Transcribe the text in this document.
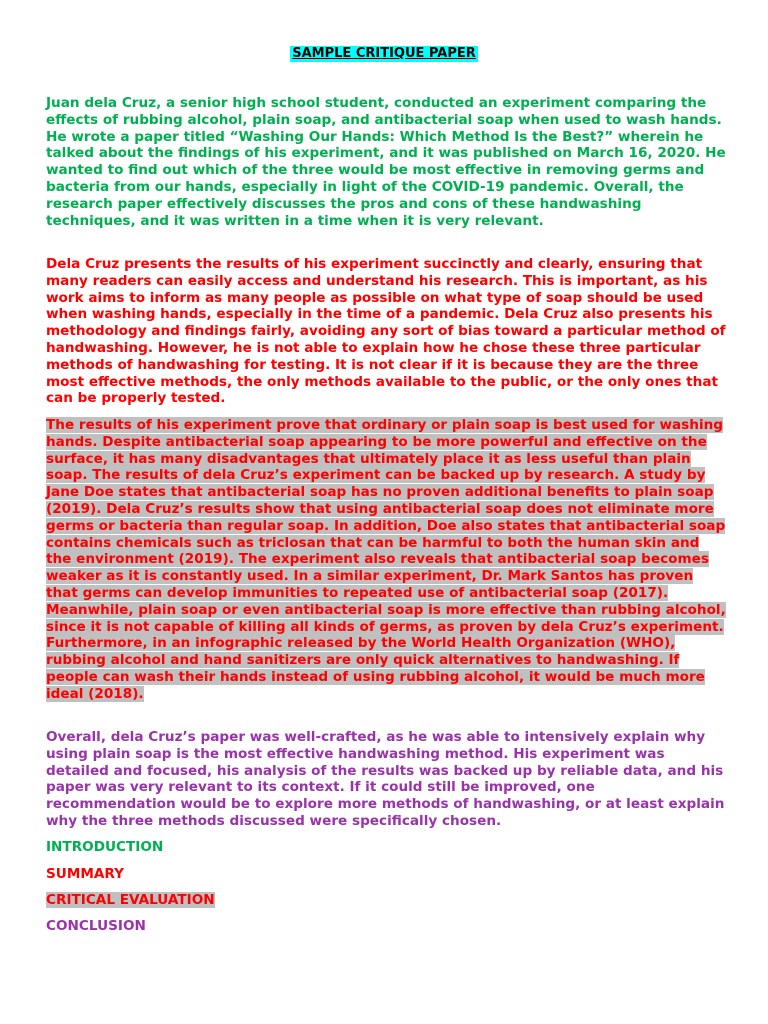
SAMPLE CRITIQUE PAPER

Juan dela Cruz, a senior high school student, conducted an experiment comparing the effects of rubbing alcohol, plain soap, and antibacterial soap when used to wash hands. He wrote a paper titled “Washing Our Hands: Which Method Is the Best?” wherein he talked about the findings of his experiment, and it was published on March 16, 2020. He wanted to find out which of the three would be most effective in removing germs and bacteria from our hands, especially in light of the COVID-19 pandemic. Overall, the research paper effectively discusses the pros and cons of these handwashing techniques, and it was written in a time when it is very relevant.

Dela Cruz presents the results of his experiment succinctly and clearly, ensuring that many readers can easily access and understand his research. This is important, as his work aims to inform as many people as possible on what type of soap should be used when washing hands, especially in the time of a pandemic. Dela Cruz also presents his methodology and findings fairly, avoiding any sort of bias toward a particular method of handwashing. However, he is not able to explain how he chose these three particular methods of handwashing for testing. It is not clear if it is because they are the three most effective methods, the only methods available to the public, or the only ones that can be properly tested.

The results of his experiment prove that ordinary or plain soap is best used for washing hands. Despite antibacterial soap appearing to be more powerful and effective on the surface, it has many disadvantages that ultimately place it as less useful than plain soap. The results of dela Cruz’s experiment can be backed up by research. A study by Jane Doe states that antibacterial soap has no proven additional benefits to plain soap (2019). Dela Cruz’s results show that using antibacterial soap does not eliminate more germs or bacteria than regular soap. In addition, Doe also states that antibacterial soap contains chemicals such as triclosan that can be harmful to both the human skin and the environment (2019). The experiment also reveals that antibacterial soap becomes weaker as it is constantly used. In a similar experiment, Dr. Mark Santos has proven that germs can develop immunities to repeated use of antibacterial soap (2017). Meanwhile, plain soap or even antibacterial soap is more effective than rubbing alcohol, since it is not capable of killing all kinds of germs, as proven by dela Cruz’s experiment. Furthermore, in an infographic released by the World Health Organization (WHO), rubbing alcohol and hand sanitizers are only quick alternatives to handwashing. If people can wash their hands instead of using rubbing alcohol, it would be much more ideal (2018).

Overall, dela Cruz’s paper was well-crafted, as he was able to intensively explain why using plain soap is the most effective handwashing method. His experiment was detailed and focused, his analysis of the results was backed up by reliable data, and his paper was very relevant to its context. If it could still be improved, one recommendation would be to explore more methods of handwashing, or at least explain why the three methods discussed were specifically chosen.

INTRODUCTION

SUMMARY

CRITICAL EVALUATION

CONCLUSION
